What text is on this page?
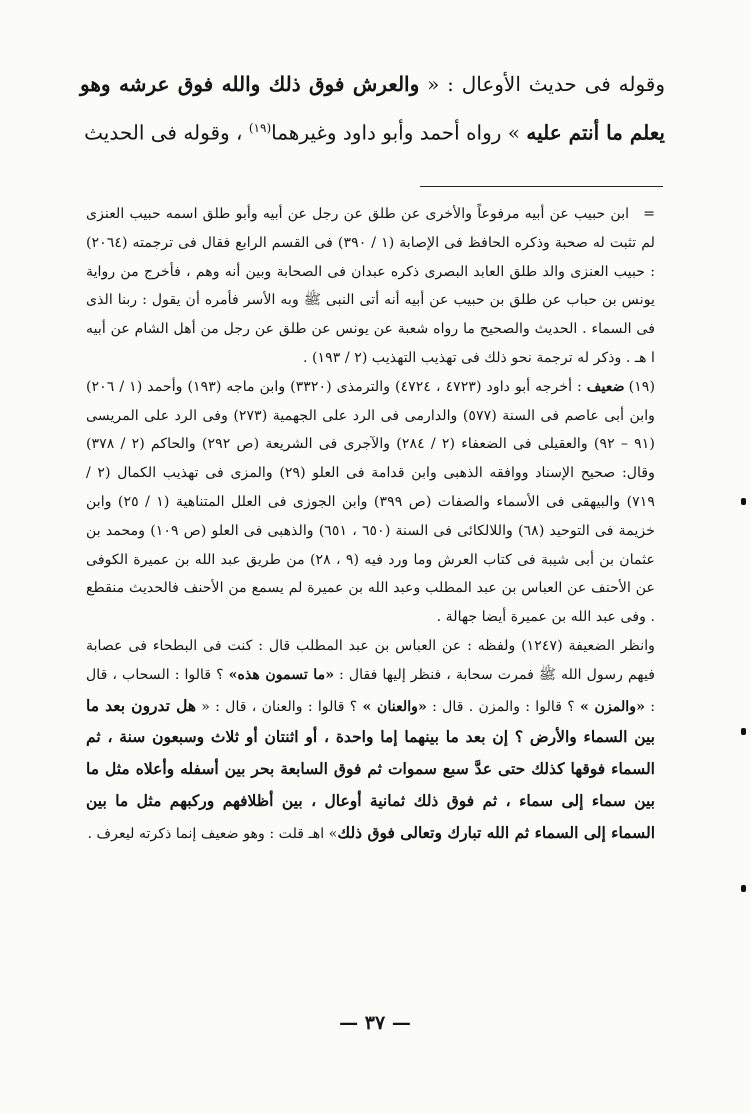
وقوله فى حديث الأوعال : « والعرش فوق ذلك والله فوق عرشه وهو يعلم ما أنتم عليه » رواه أحمد وأبو داود وغيرهما$^{(١٩)}$ ، وقوله فى الحديث

=ابن حبيب عن أبيه مرفوعاً والأخرى عن طلق عن رجل عن أبيه وأبو طلق اسمه حبيب العنزى لم تثبت له صحبة وذكره الحافظ فى الإصابة (١ / ٣٩٠) فى القسم الرابع فقال فى ترجمته (٢٠٦٤) : حبيب العنزى والد طلق العابد البصرى ذكره عبدان فى الصحابة وبين أنه وهم ، فأخرج من رواية يونس بن حباب عن طلق بن حبيب عن أبيه أنه أتى النبى ﷺ وبه الأسر فأمره أن يقول : ربنا الذى فى السماء . الحديث والصحيح ما رواه شعبة عن يونس عن طلق عن رجل من أهل الشام عن أبيه ا هـ . وذكر له ترجمة نحو ذلك فى تهذيب التهذيب (٢ / ١٩٣) .

(١٩)ضعيف : أخرجه أبو داود (٤٧٢٣ ، ٤٧٢٤) والترمذى (٣٣٢٠) وابن ماجه (١٩٣) وأحمد (١ / ٢٠٦) وابن أبى عاصم فى السنة (٥٧٧) والدارمى فى الرد على الجهمية (٢٧٣) وفى الرد على المريسى (٩١ – ٩٢) والعقيلى فى الضعفاء (٢ / ٢٨٤) والآجرى فى الشريعة (ص ٢٩٢) والحاكم (٢ / ٣٧٨) وقال: صحيح الإسناد ووافقه الذهبى وابن قدامة فى العلو (٢٩) والمزى فى تهذيب الكمال (٢ / ٧١٩) والبيهقى فى الأسماء والصفات (ص ٣٩٩) وابن الجوزى فى العلل المتناهية (١ / ٢٥) وابن خزيمة فى التوحيد (٦٨) واللالكائى فى السنة (٦٥٠ ، ٦٥١) والذهبى فى العلو (ص ١٠٩) ومحمد بن عثمان بن أبى شيبة فى كتاب العرش وما ورد فيه (٩ ، ٢٨) من طريق عبد الله بن عميرة الكوفى عن الأحنف عن العباس بن عبد المطلب وعبد الله بن عميرة لم يسمع من الأحنف فالحديث منقطع . وفى عبد الله بن عميرة أيضا جهالة .

وانظر الضعيفة (١٢٤٧) ولفظه : عن العباس بن عبد المطلب قال : كنت فى البطحاء فى عصابة فيهم رسول الله ﷺ فمرت سحابة ، فنظر إليها فقال : «ما تسمون هذه» ؟ قالوا : السحاب ، قال : «والمزن » ؟ قالوا : والمزن . قال : «والعنان » ؟ قالوا : والعنان ، قال : « هل تدرون بعد ما بين السماء والأرض ؟ إن بعد ما بينهما إما واحدة ، أو اثنتان أو ثلاث وسبعون سنة ، ثم السماء فوقها كذلك حتى عدَّ سبع سموات ثم فوق السابعة بحر بين أسفله وأعلاه مثل ما بين سماء إلى سماء ، ثم فوق ذلك ثمانية أوعال ، بين أظلافهم وركبهم مثل ما بين السماء إلى السماء ثم الله تبارك وتعالى فوق ذلك» اهـ قلت : وهو ضعيف إنما ذكرته ليعرف .

— ٣٧ —
